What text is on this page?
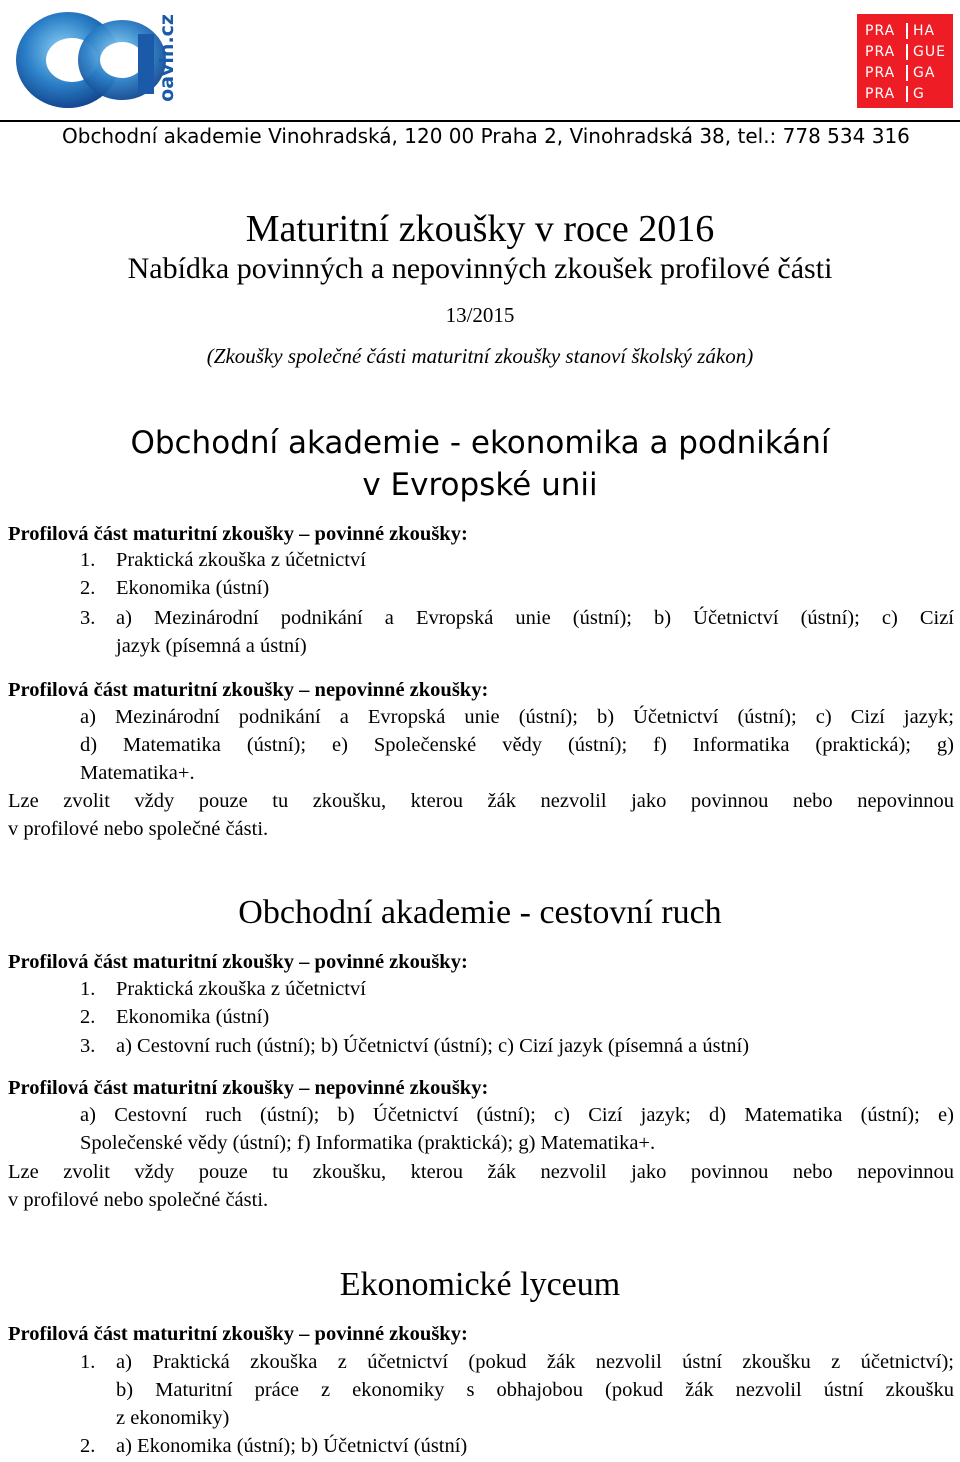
oavin.cz	PRA	HA
PRA	GUE
PRA	GA
PRA	G
Obchodní akademie Vinohradská, 120 00 Praha 2, Vinohradská 38, tel.: 778 534 316
Maturitní zkoušky v roce 2016
Nabídka povinných a nepovinných zkoušek profilové části
13/2015
(Zkoušky společné části maturitní zkoušky stanoví školský zákon)
Obchodní akademie - ekonomika a podnikání
v Evropské unii
Profilová část maturitní zkoušky – povinné zkoušky:
1. Praktická zkouška z účetnictví
2. Ekonomika (ústní)
3. a) Mezinárodní podnikání a Evropská unie (ústní); b) Účetnictví (ústní); c) Cizí
jazyk (písemná a ústní)
Profilová část maturitní zkoušky – nepovinné zkoušky:
a) Mezinárodní podnikání a Evropská unie (ústní); b) Účetnictví (ústní); c) Cizí jazyk;
d) Matematika (ústní); e) Společenské vědy (ústní); f) Informatika (praktická); g)
Matematika+.
Lze zvolit vždy pouze tu zkoušku, kterou žák nezvolil jako povinnou nebo nepovinnou
v profilové nebo společné části.
Obchodní akademie - cestovní ruch
Profilová část maturitní zkoušky – povinné zkoušky:
1. Praktická zkouška z účetnictví
2. Ekonomika (ústní)
3. a) Cestovní ruch (ústní); b) Účetnictví (ústní); c) Cizí jazyk (písemná a ústní)
Profilová část maturitní zkoušky – nepovinné zkoušky:
a) Cestovní ruch (ústní); b) Účetnictví (ústní); c) Cizí jazyk; d) Matematika (ústní); e)
Společenské vědy (ústní); f) Informatika (praktická); g) Matematika+.
Lze zvolit vždy pouze tu zkoušku, kterou žák nezvolil jako povinnou nebo nepovinnou
v profilové nebo společné části.
Ekonomické lyceum
Profilová část maturitní zkoušky – povinné zkoušky:
1. a) Praktická zkouška z účetnictví (pokud žák nezvolil ústní zkoušku z účetnictví);
b) Maturitní práce z ekonomiky s obhajobou (pokud žák nezvolil ústní zkoušku
z ekonomiky)
2. a) Ekonomika (ústní); b) Účetnictví (ústní)
